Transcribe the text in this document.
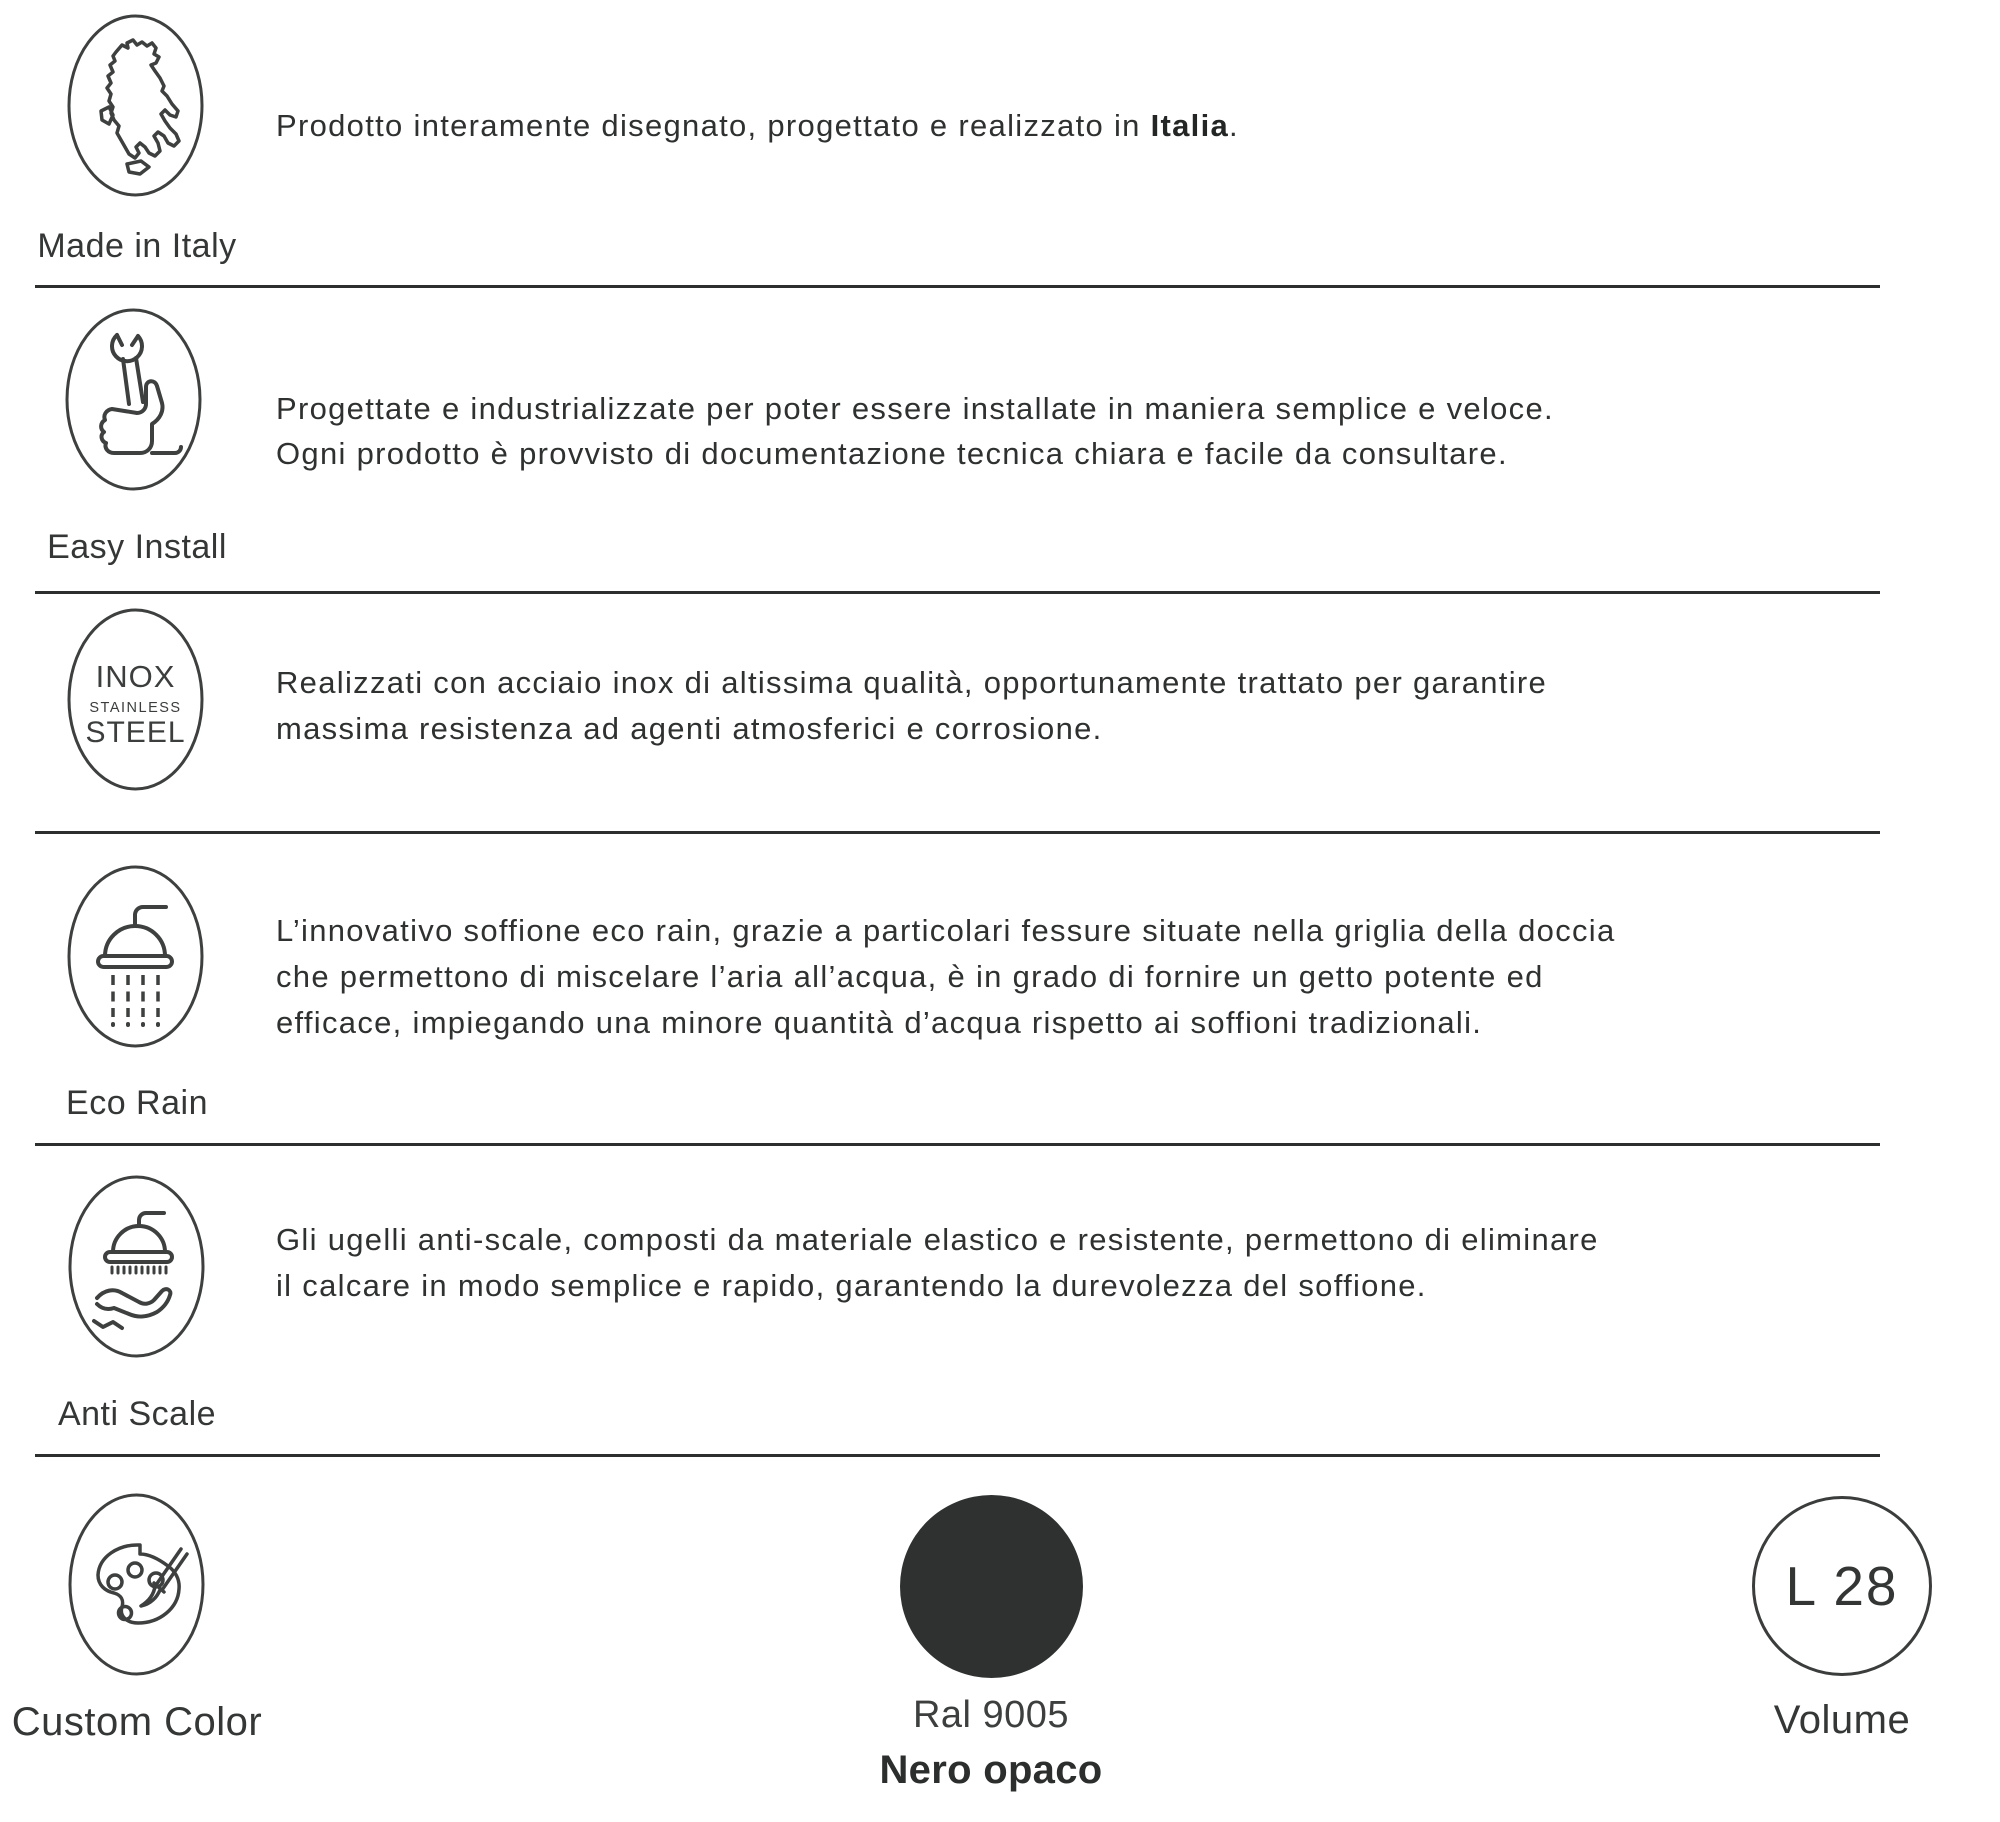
Made in Italy
Prodotto interamente disegnato, progettato e realizzato in Italia.
Easy Install
Progettate e industrializzate per poter essere installate in maniera semplice e veloce.
Ogni prodotto è provvisto di documentazione tecnica chiara e facile da consultare.
INOX
STAINLESS
STEEL
Realizzati con acciaio inox di altissima qualità, opportunamente trattato per garantire
massima resistenza ad agenti atmosferici e corrosione.
Eco Rain
L’innovativo soffione eco rain, grazie a particolari fessure situate nella griglia della doccia
che permettono di miscelare l’aria all’acqua, è in grado di fornire un getto potente ed
efficace, impiegando una minore quantità d’acqua rispetto ai soffioni tradizionali.
Anti Scale
Gli ugelli anti-scale, composti da materiale elastico e resistente, permettono di eliminare
il calcare in modo semplice e rapido, garantendo la durevolezza del soffione.
Custom Color	Ral 9005
Nero opaco
L 28
Volume
